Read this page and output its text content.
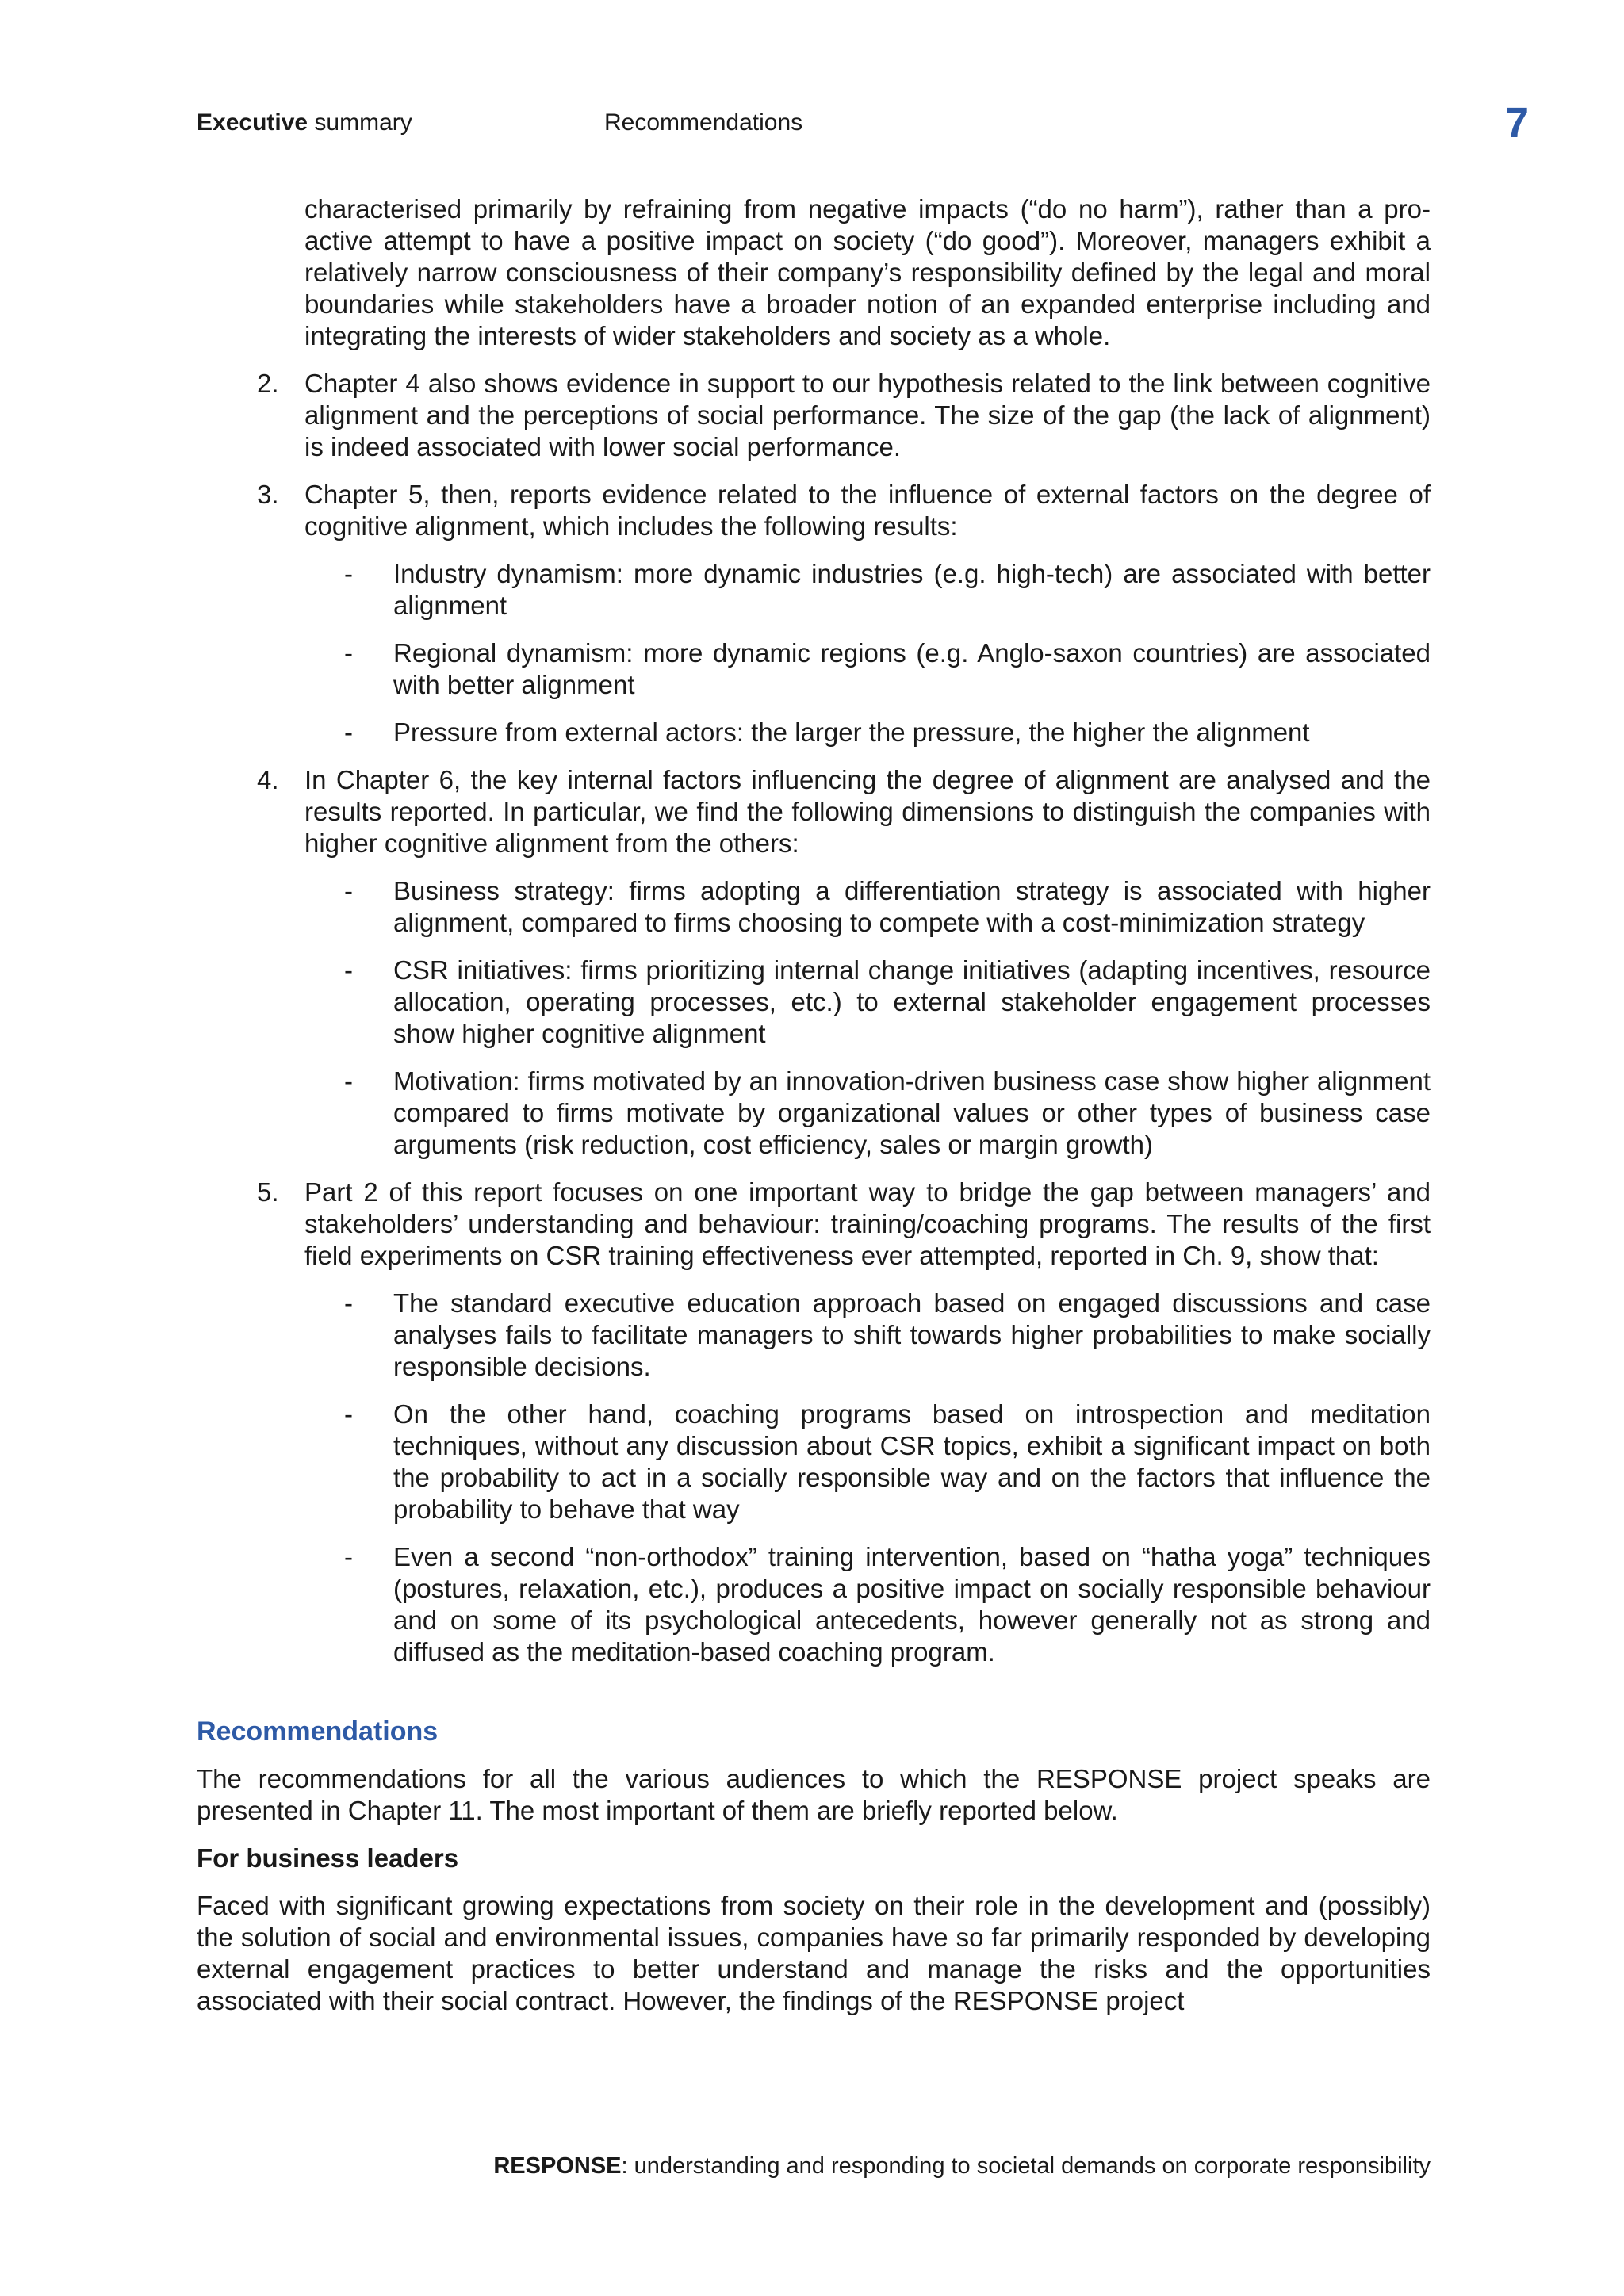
Executive summary	Recommendations	7

characterised primarily by refraining from negative impacts (“do no harm”), rather than a pro-active attempt to have a positive impact on society (“do good”). Moreover, managers exhibit a relatively narrow consciousness of their company’s responsibility defined by the legal and moral boundaries while stakeholders have a broader notion of an expanded enterprise including and integrating the interests of wider stakeholders and society as a whole.

2. Chapter 4 also shows evidence in support to our hypothesis related to the link between cognitive alignment and the perceptions of social performance. The size of the gap (the lack of alignment) is indeed associated with lower social performance.

3. Chapter 5, then, reports evidence related to the influence of external factors on the degree of cognitive alignment, which includes the following results:

- Industry dynamism: more dynamic industries (e.g. high-tech) are associated with better alignment

- Regional dynamism: more dynamic regions (e.g. Anglo-saxon countries) are associated with better alignment

- Pressure from external actors: the larger the pressure, the higher the alignment

4. In Chapter 6, the key internal factors influencing the degree of alignment are analysed and the results reported. In particular, we find the following dimensions to distinguish the companies with higher cognitive alignment from the others:

- Business strategy: firms adopting a differentiation strategy is associated with higher alignment, compared to firms choosing to compete with a cost-minimization strategy

- CSR initiatives: firms prioritizing internal change initiatives (adapting incentives, resource allocation, operating processes, etc.) to external stakeholder engagement processes show higher cognitive alignment

- Motivation: firms motivated by an innovation-driven business case show higher alignment compared to firms motivate by organizational values or other types of business case arguments (risk reduction, cost efficiency, sales or margin growth)

5. Part 2 of this report focuses on one important way to bridge the gap between managers’ and stakeholders’ understanding and behaviour: training/coaching programs. The results of the first field experiments on CSR training effectiveness ever attempted, reported in Ch. 9, show that:

- The standard executive education approach based on engaged discussions and case analyses fails to facilitate managers to shift towards higher probabilities to make socially responsible decisions.

- On the other hand, coaching programs based on introspection and meditation techniques, without any discussion about CSR topics, exhibit a significant impact on both the probability to act in a socially responsible way and on the factors that influence the probability to behave that way

- Even a second “non-orthodox” training intervention, based on “hatha yoga” techniques (postures, relaxation, etc.), produces a positive impact on socially responsible behaviour and on some of its psychological antecedents, however generally not as strong and diffused as the meditation-based coaching program.

Recommendations

The recommendations for all the various audiences to which the RESPONSE project speaks are presented in Chapter 11. The most important of them are briefly reported below.

For business leaders

Faced with significant growing expectations from society on their role in the development and (possibly) the solution of social and environmental issues, companies have so far primarily responded by developing external engagement practices to better understand and manage the risks and the opportunities associated with their social contract. However, the findings of the RESPONSE project

RESPONSE: understanding and responding to societal demands on corporate responsibility
